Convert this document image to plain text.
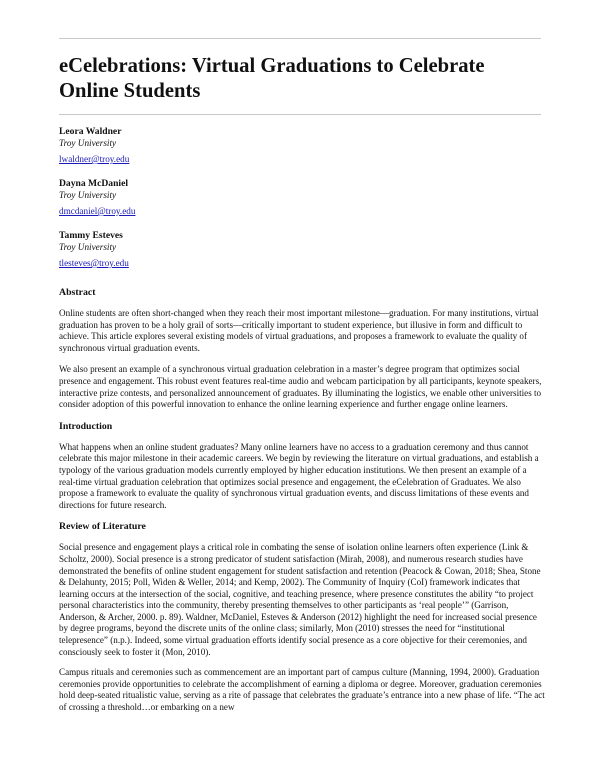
eCelebrations: Virtual Graduations to Celebrate Online Students
Leora Waldner
Troy University
lwaldner@troy.edu
Dayna McDaniel
Troy University
dmcdaniel@troy.edu
Tammy Esteves
Troy University
tlesteves@troy.edu
Abstract

Online students are often short-changed when they reach their most important milestone—graduation. For many institutions, virtual graduation has proven to be a holy grail of sorts—critically important to student experience, but illusive in form and difficult to achieve. This article explores several existing models of virtual graduations, and proposes a framework to evaluate the quality of synchronous virtual graduation events.

We also present an example of a synchronous virtual graduation celebration in a master’s degree program that optimizes social presence and engagement. This robust event features real-time audio and webcam participation by all participants, keynote speakers, interactive prize contests, and personalized announcement of graduates. By illuminating the logistics, we enable other universities to consider adoption of this powerful innovation to enhance the online learning experience and further engage online learners.

Introduction

What happens when an online student graduates? Many online learners have no access to a graduation ceremony and thus cannot celebrate this major milestone in their academic careers. We begin by reviewing the literature on virtual graduations, and establish a typology of the various graduation models currently employed by higher education institutions. We then present an example of a real-time virtual graduation celebration that optimizes social presence and engagement, the eCelebration of Graduates. We also propose a framework to evaluate the quality of synchronous virtual graduation events, and discuss limitations of these events and directions for future research.

Review of Literature

Social presence and engagement plays a critical role in combating the sense of isolation online learners often experience (Link & Scholtz, 2000). Social presence is a strong predicator of student satisfaction (Mirah, 2008), and numerous research studies have demonstrated the benefits of online student engagement for student satisfaction and retention (Peacock & Cowan, 2018; Shea, Stone & Delahunty, 2015; Poll, Widen & Weller, 2014; and Kemp, 2002). The Community of Inquiry (CoI) framework indicates that learning occurs at the intersection of the social, cognitive, and teaching presence, where presence constitutes the ability “to project personal characteristics into the community, thereby presenting themselves to other participants as ‘real people’” (Garrison, Anderson, & Archer, 2000. p. 89). Waldner, McDaniel, Esteves & Anderson (2012) highlight the need for increased social presence by degree programs, beyond the discrete units of the online class; similarly, Mon (2010) stresses the need for “institutional telepresence” (n.p.). Indeed, some virtual graduation efforts identify social presence as a core objective for their ceremonies, and consciously seek to foster it (Mon, 2010).

Campus rituals and ceremonies such as commencement are an important part of campus culture (Manning, 1994, 2000). Graduation ceremonies provide opportunities to celebrate the accomplishment of earning a diploma or degree. Moreover, graduation ceremonies hold deep-seated ritualistic value, serving as a rite of passage that celebrates the graduate’s entrance into a new phase of life. “The act of crossing a threshold…or embarking on a new
